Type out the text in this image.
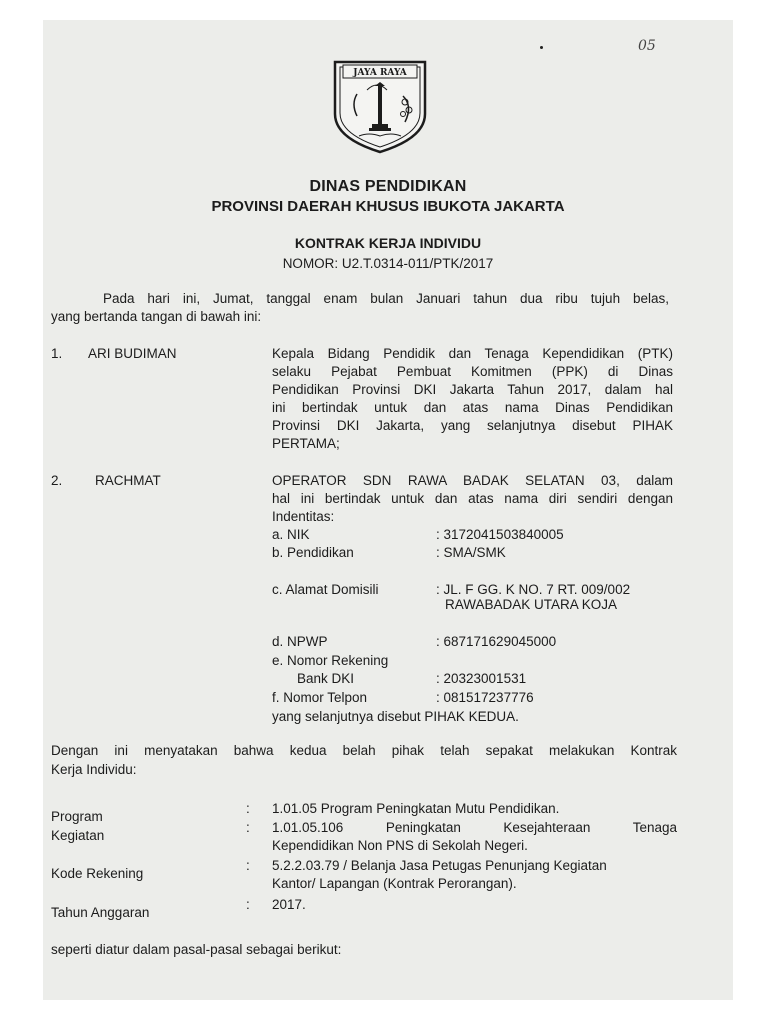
05
JAYA RAYA
DINAS PENDIDIKAN
PROVINSI DAERAH KHUSUS IBUKOTA JAKARTA
KONTRAK KERJA INDIVIDU
NOMOR: U2.T.0314-011/PTK/2017
Pada hari ini, Jumat, tanggal enam bulan Januari tahun dua ribu tujuh belas,
yang bertanda tangan di bawah ini:
1. ARI BUDIMAN	Kepala Bidang Pendidik dan Tenaga Kependidikan (PTK)
selaku Pejabat Pembuat Komitmen (PPK) di Dinas
Pendidikan Provinsi DKI Jakarta Tahun 2017, dalam hal
ini bertindak untuk dan atas nama Dinas Pendidikan
Provinsi DKI Jakarta, yang selanjutnya disebut PIHAK
PERTAMA;
2. RACHMAT	OPERATOR SDN RAWA BADAK SELATAN 03, dalam
hal ini bertindak untuk dan atas nama diri sendiri dengan
Indentitas:
a. NIK	: 3172041503840005
b. Pendidikan	: SMA/SMK
c. Alamat Domisili	: JL. F GG. K NO. 7 RT. 009/002
RAWABADAK UTARA KOJA
d. NPWP	: 687171629045000
e. Nomor Rekening
Bank DKI	: 20323001531
f. Nomor Telpon	: 081517237776
yang selanjutnya disebut PIHAK KEDUA.
Dengan ini menyatakan bahwa kedua belah pihak telah sepakat melakukan Kontrak
Kerja Individu:
Program
: 1.01.05 Program Peningkatan Mutu Pendidikan.
Kegiatan
: 1.01.05.106 Peningkatan Kesejahteraan Tenaga
Kependidikan Non PNS di Sekolah Negeri.
Kode Rekening
: 5.2.2.03.79 / Belanja Jasa Petugas Penunjang Kegiatan
Kantor/ Lapangan (Kontrak Perorangan).
Tahun Anggaran
: 2017.
seperti diatur dalam pasal-pasal sebagai berikut:
